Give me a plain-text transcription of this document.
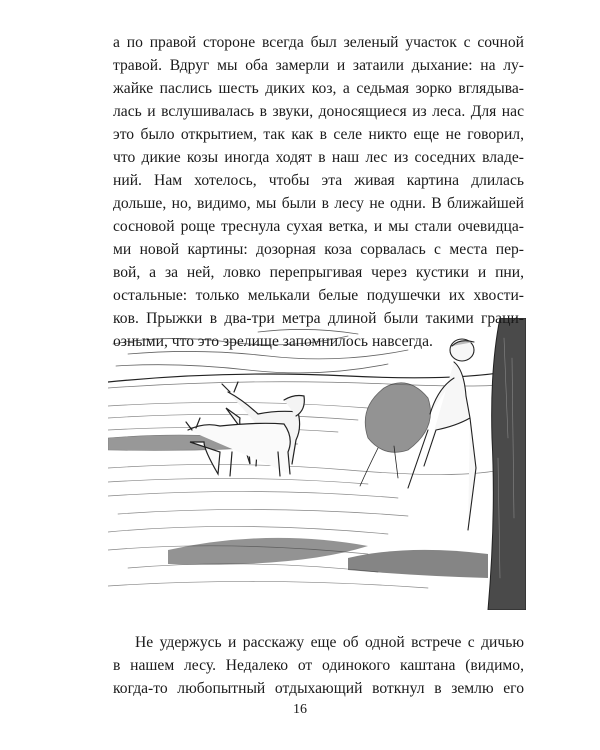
а по правой стороне всегда был зеленый участок с сочной
травой. Вдруг мы оба замерли и затаили дыхание: на лу-
жайке паслись шесть диких коз, а седьмая зорко вглядыва-
лась и вслушивалась в звуки, доносящиеся из леса. Для нас
это было открытием, так как в селе никто еще не говорил,
что дикие козы иногда ходят в наш лес из соседних владе-
ний. Нам хотелось, чтобы эта живая картина длилась
дольше, но, видимо, мы были в лесу не одни. В ближайшей
сосновой роще треснула сухая ветка, и мы стали очевидца-
ми новой картины: дозорная коза сорвалась с места пер-
вой, а за ней, ловко перепрыгивая через кустики и пни,
остальные: только мелькали белые подушечки их хвости-
Не удержусь и расскажу еще об одной встрече с дичью
в нашем лесу. Недалеко от одинокого каштана (видимо,
когда-то любопытный отдыхающий воткнул в землю его
16
ков. Прыжки в два-три метра длиной были такими граци-
озными, что это зрелище запомнилось навсегда.
